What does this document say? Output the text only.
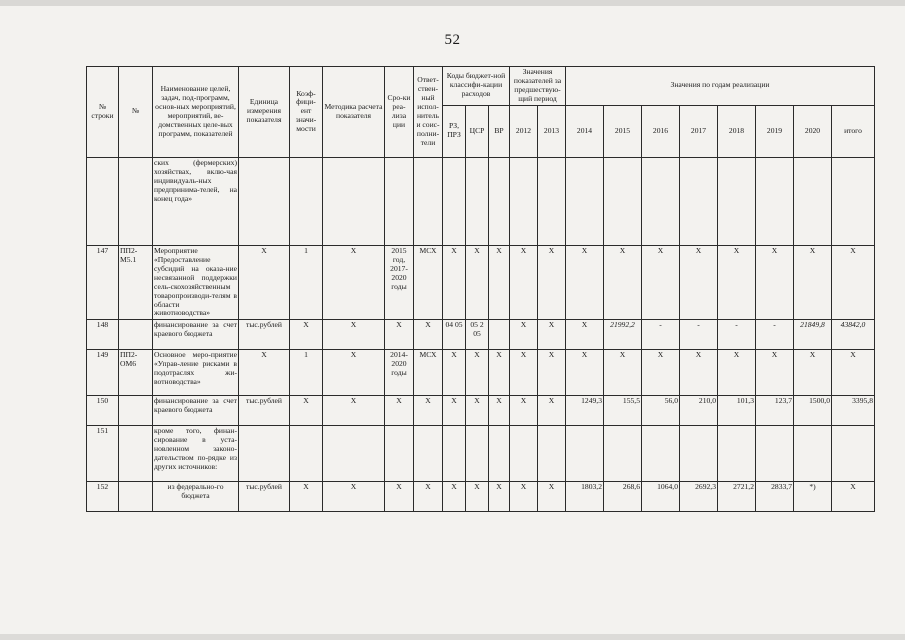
52
№ строки	№	Наименование целей, задач, под-программ, основ-ных мероприятий, мероприятий, ве-домственных целе-вых программ, показателей	Единица измерения показателя	Коэф-фици-ент значи-мости	Методика расчета показателя	Сро-ки реа-лиза ции	Ответ-ствен-ный испол-нитель и соис-полни-тели	Коды бюджет-ной классифи-кации расходов			Значения показателей за предшествую-щий период		Значения по годам реализации							
								РЗ, ПРЗ	ЦСР	ВР	2012	2013	2014	2015	2016	2017	2018	2019	2020	итого
		ских (фермерских) хозяйствах, вклю-чая индивидуаль-ных предпринима-телей, на конец года»																		
147	ПП2-М5.1	Мероприятие «Предоставление субсидий на оказа-ние несвязанной поддержки сель-скохозяйственным товаропроизводи-телям в области животноводства»	Х	1	Х	2015 год, 2017-2020 годы	МСХ	Х	Х	Х	Х	Х	Х	Х	Х	Х	Х	Х	Х	Х
148		финансирование за счет краевого бюджета	тыс.рублей	Х	Х	Х	Х	04 05	05 2 05		Х	Х	Х	21992,2	-	-	-	-	21849,8	43842,0
149	ПП2-ОМ6	Основное меро-приятие «Управ-ление рисками в подотраслях жи-вотноводства»	Х	1	Х	2014-2020 годы	МСХ	Х	Х	Х	Х	Х	Х	Х	Х	Х	Х	Х	Х	Х
150		финансирование за счет краевого бюджета	тыс.рублей	Х	Х	Х	Х	Х	Х	Х	Х	Х	1249,3	155,5	56,0	210,0	101,3	123,7	1500,0	3395,8
151		кроме того, финан-сирование в уста-новленном законо-дательством по-рядке из других источников:																		
152		из федерально-го бюджета	тыс.рублей	Х	Х	Х	Х	Х	Х	Х	Х	Х	1803,2	268,6	1064,0	2692,3	2721,2	2833,7	*)	Х
